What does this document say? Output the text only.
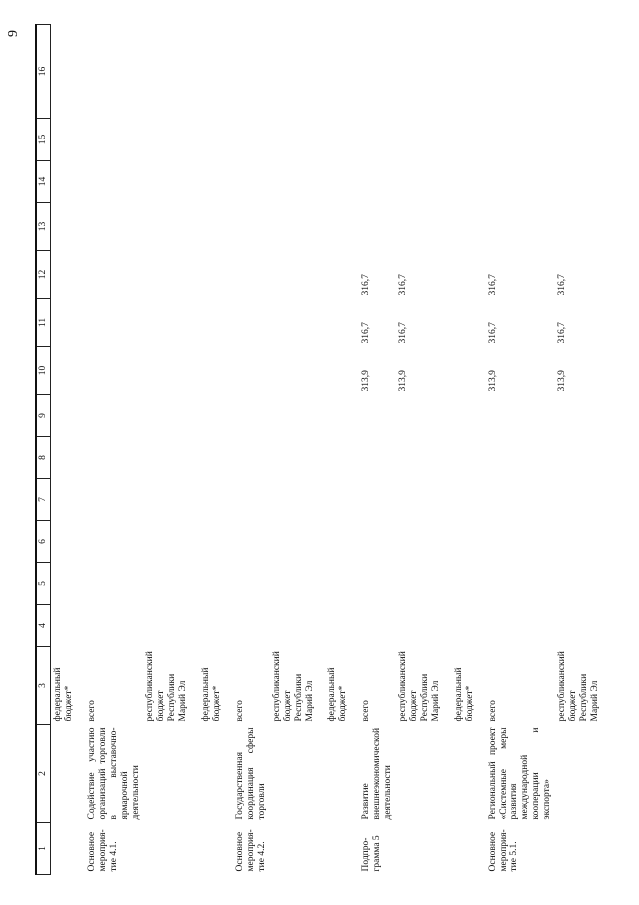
9
1	2	3	4	5	6	7	8	9	10	11	12	13	14	15	16
		федеральный бюджет*													
Основное мероприя-тие 4.1.	Содействие участию организаций торговли в выставочно-ярмарочной деятельности	всего													
		республиканский бюджет Республики Марий Эл													
		федеральный бюджет*													
Основное мероприя-тие 4.2.	Государственная координация сферы торговли	всего													
		республиканский бюджет Республики Марий Эл													
		федеральный бюджет*													
Подпро-грамма 5	Развитие внешнеэкономической деятельности	всего							313,9	316,7	316,7				
		республиканский бюджет Республики Марий Эл							313,9	316,7	316,7				
		федеральный бюджет*													
Основное мероприя-тие 5.1.	Региональный проект «Системные меры развития международной кооперации и экспорта»	всего							313,9	316,7	316,7				
		республиканский бюджет Республики Марий Эл							313,9	316,7	316,7				
